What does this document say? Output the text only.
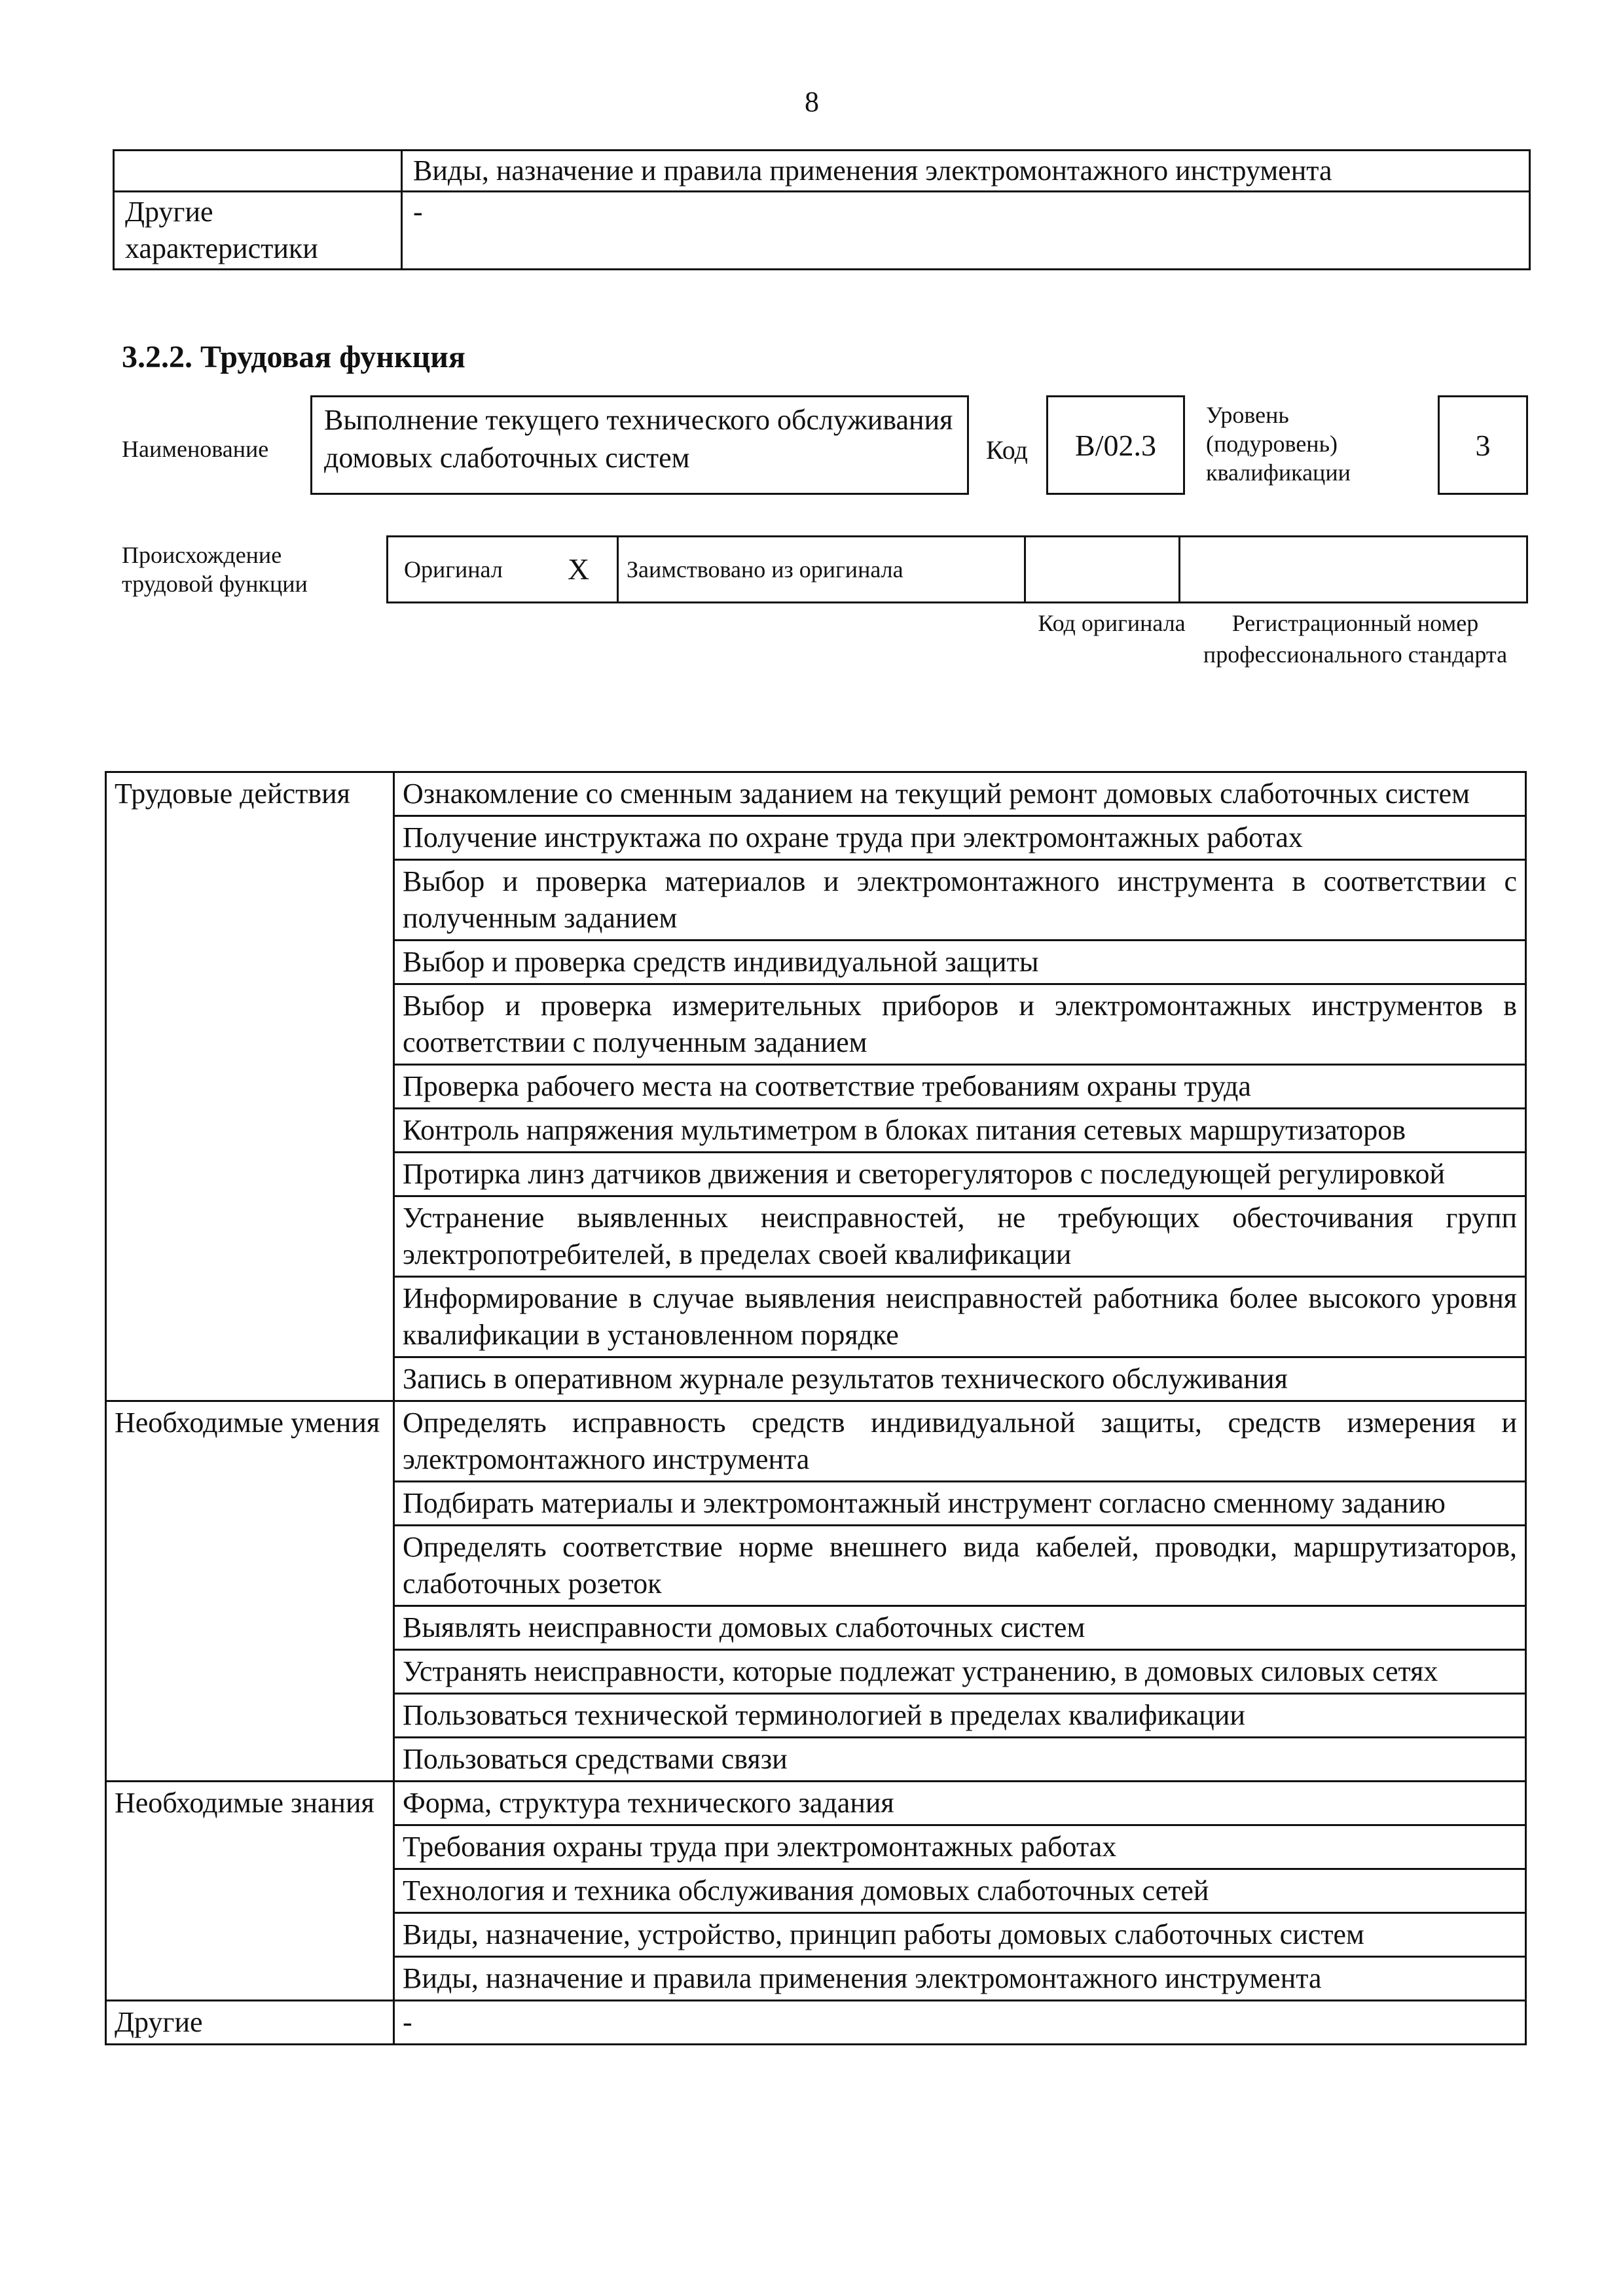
8
	Виды, назначение и правила применения электромонтажного инструмента
Другие характеристики	-
3.2.2. Трудовая функция
Наименование
Выполнение текущего технического обслуживания домовых слаботочных систем	Код	B/02.3
Уровень (подуровень) квалификации
3
Происхождение трудовой функции
Оригинал X	Заимствовано из оригинала
Код оригинала	Регистрационный номер профессионального стандарта
Трудовые действия	Ознакомление со сменным заданием на текущий ремонт домовых слаботочных систем
	Получение инструктажа по охране труда при электромонтажных работах
	Выбор и проверка материалов и электромонтажного инструмента в соответствии с полученным заданием
	Выбор и проверка средств индивидуальной защиты
	Выбор и проверка измерительных приборов и электромонтажных инструментов в соответствии с полученным заданием
	Проверка рабочего места на соответствие требованиям охраны труда
	Контроль напряжения мультиметром в блоках питания сетевых маршрутизаторов
	Протирка линз датчиков движения и светорегуляторов с последующей регулировкой
	Устранение выявленных неисправностей, не требующих обесточивания групп электропотребителей, в пределах своей квалификации
	Информирование в случае выявления неисправностей работника более высокого уровня квалификации в установленном порядке
	Запись в оперативном журнале результатов технического обслуживания
Необходимые умения	Определять исправность средств индивидуальной защиты, средств измерения и электромонтажного инструмента
	Подбирать материалы и электромонтажный инструмент согласно сменному заданию
	Определять соответствие норме внешнего вида кабелей, проводки, маршрутизаторов, слаботочных розеток
	Выявлять неисправности домовых слаботочных систем
	Устранять неисправности, которые подлежат устранению, в домовых силовых сетях
	Пользоваться технической терминологией в пределах квалификации
	Пользоваться средствами связи
Необходимые знания	Форма, структура технического задания
	Требования охраны труда при электромонтажных работах
	Технология и техника обслуживания домовых слаботочных сетей
	Виды, назначение, устройство, принцип работы домовых слаботочных систем
	Виды, назначение и правила применения электромонтажного инструмента
Другие	-
